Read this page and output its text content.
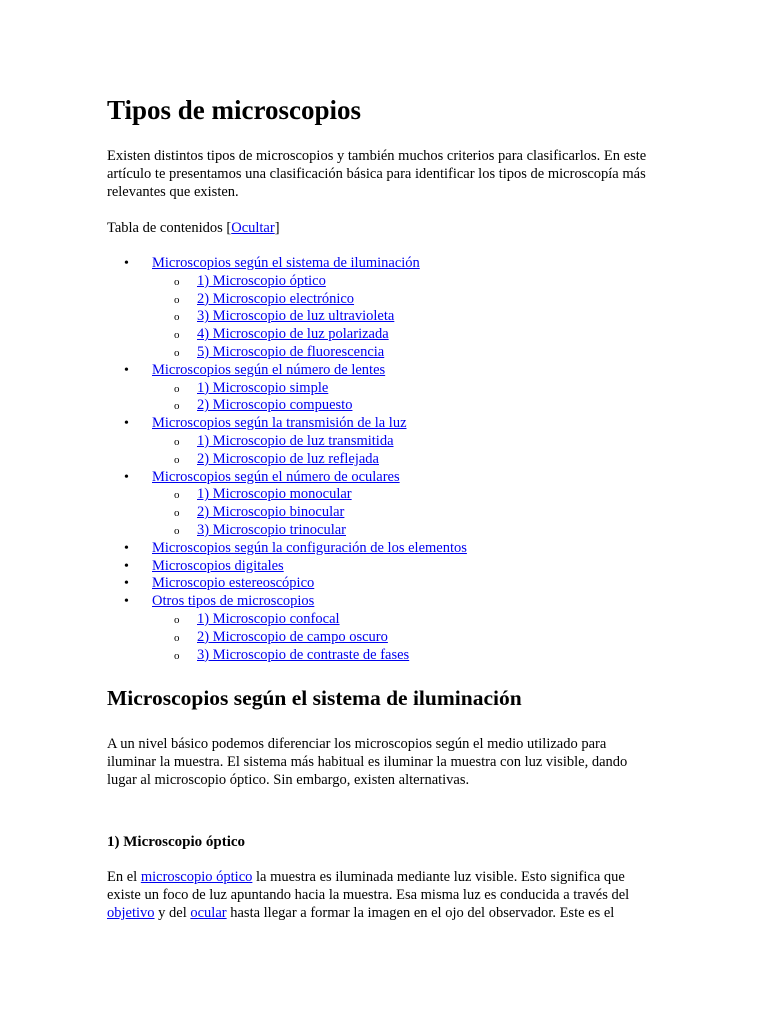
Tipos de microscopios

Existen distintos tipos de microscopios y también muchos criterios para clasificarlos. En este artículo te presentamos una clasificación básica para identificar los tipos de microscopía más relevantes que existen.

Tabla de contenidos [Ocultar]

• Microscopios según el sistema de iluminación
o 1) Microscopio óptico
o 2) Microscopio electrónico
o 3) Microscopio de luz ultravioleta
o 4) Microscopio de luz polarizada
o 5) Microscopio de fluorescencia
• Microscopios según el número de lentes
o 1) Microscopio simple
o 2) Microscopio compuesto
• Microscopios según la transmisión de la luz
o 1) Microscopio de luz transmitida
o 2) Microscopio de luz reflejada
• Microscopios según el número de oculares
o 1) Microscopio monocular
o 2) Microscopio binocular
o 3) Microscopio trinocular
• Microscopios según la configuración de los elementos
• Microscopios digitales
• Microscopio estereoscópico
• Otros tipos de microscopios
o 1) Microscopio confocal
o 2) Microscopio de campo oscuro
o 3) Microscopio de contraste de fases
Microscopios según el sistema de iluminación

A un nivel básico podemos diferenciar los microscopios según el medio utilizado para iluminar la muestra. El sistema más habitual es iluminar la muestra con luz visible, dando lugar al microscopio óptico. Sin embargo, existen alternativas.

1) Microscopio óptico

En el microscopio óptico la muestra es iluminada mediante luz visible. Esto significa que existe un foco de luz apuntando hacia la muestra. Esa misma luz es conducida a través del objetivo y del ocular hasta llegar a formar la imagen en el ojo del observador. Este es el
